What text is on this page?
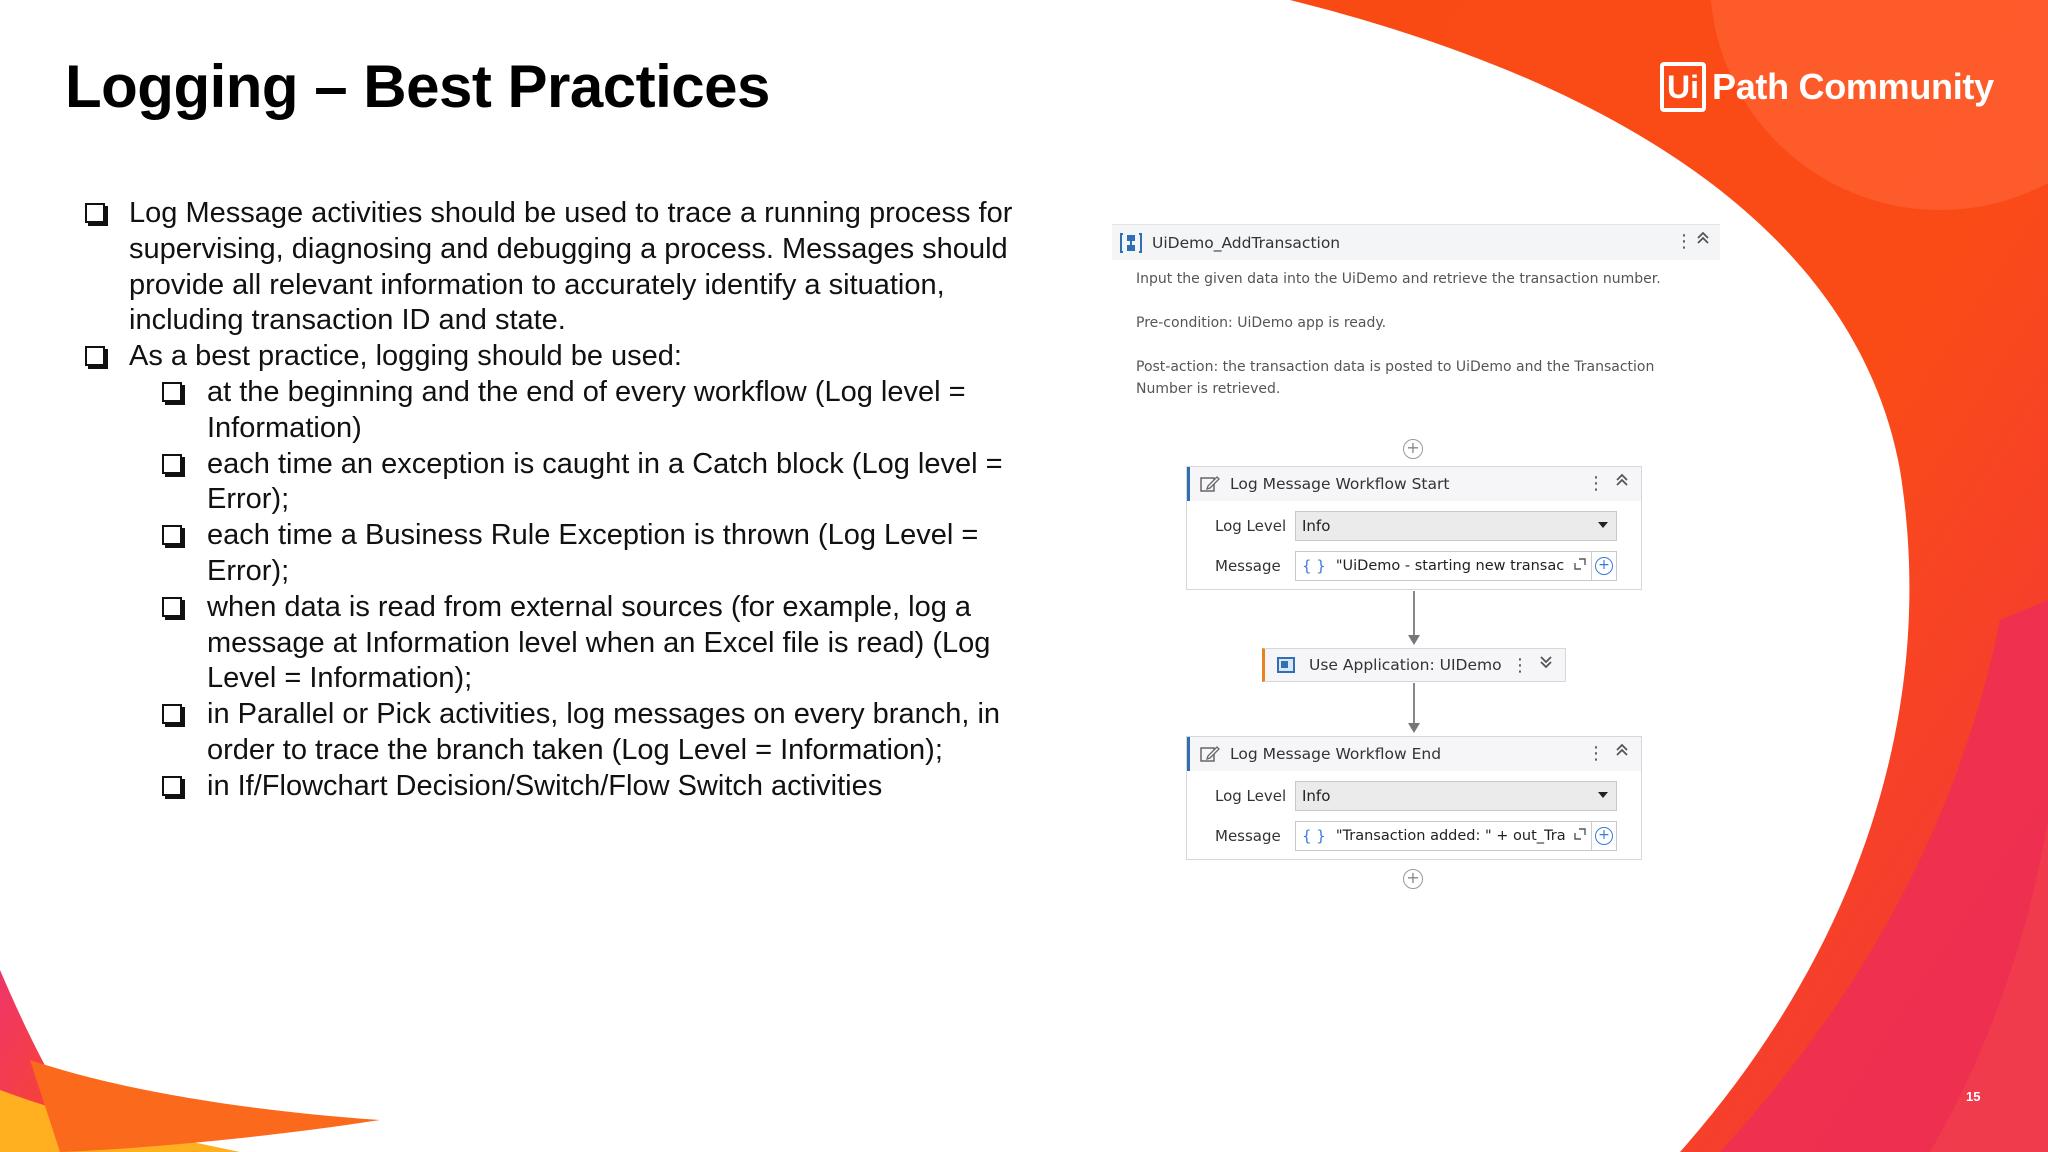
Logging – Best Practices	Ui Path Community
Log Message activities should be used to trace a running process for supervising, diagnosing and debugging a process. Messages should provide all relevant information to accurately identify a situation, including transaction ID and state.
As a best practice, logging should be used:
at the beginning and the end of every workflow (Log level = Information)
each time an exception is caught in a Catch block (Log level = Error);
each time a Business Rule Exception is thrown (Log Level = Error);
when data is read from external sources (for example, log a message at Information level when an Excel file is read) (Log Level = Information);
in Parallel or Pick activities, log messages on every branch, in order to trace the branch taken (Log Level = Information);
in If/Flowchart Decision/Switch/Flow Switch activities
UiDemo_AddTransaction	⋮
Input the given data into the UiDemo and retrieve the transaction number.
Pre-condition: UiDemo app is ready.
Post-action: the transaction data is posted to UiDemo and the Transaction Number is retrieved.
+
Log Message Workflow Start	⋮
Log Level	Info
Message { } "UiDemo - starting new transac +
Use Application: UIDemo ⋮
Log Message Workflow End	⋮
Log Level	Info
Message { } "Transaction added: " + out_Tra +
+
15
